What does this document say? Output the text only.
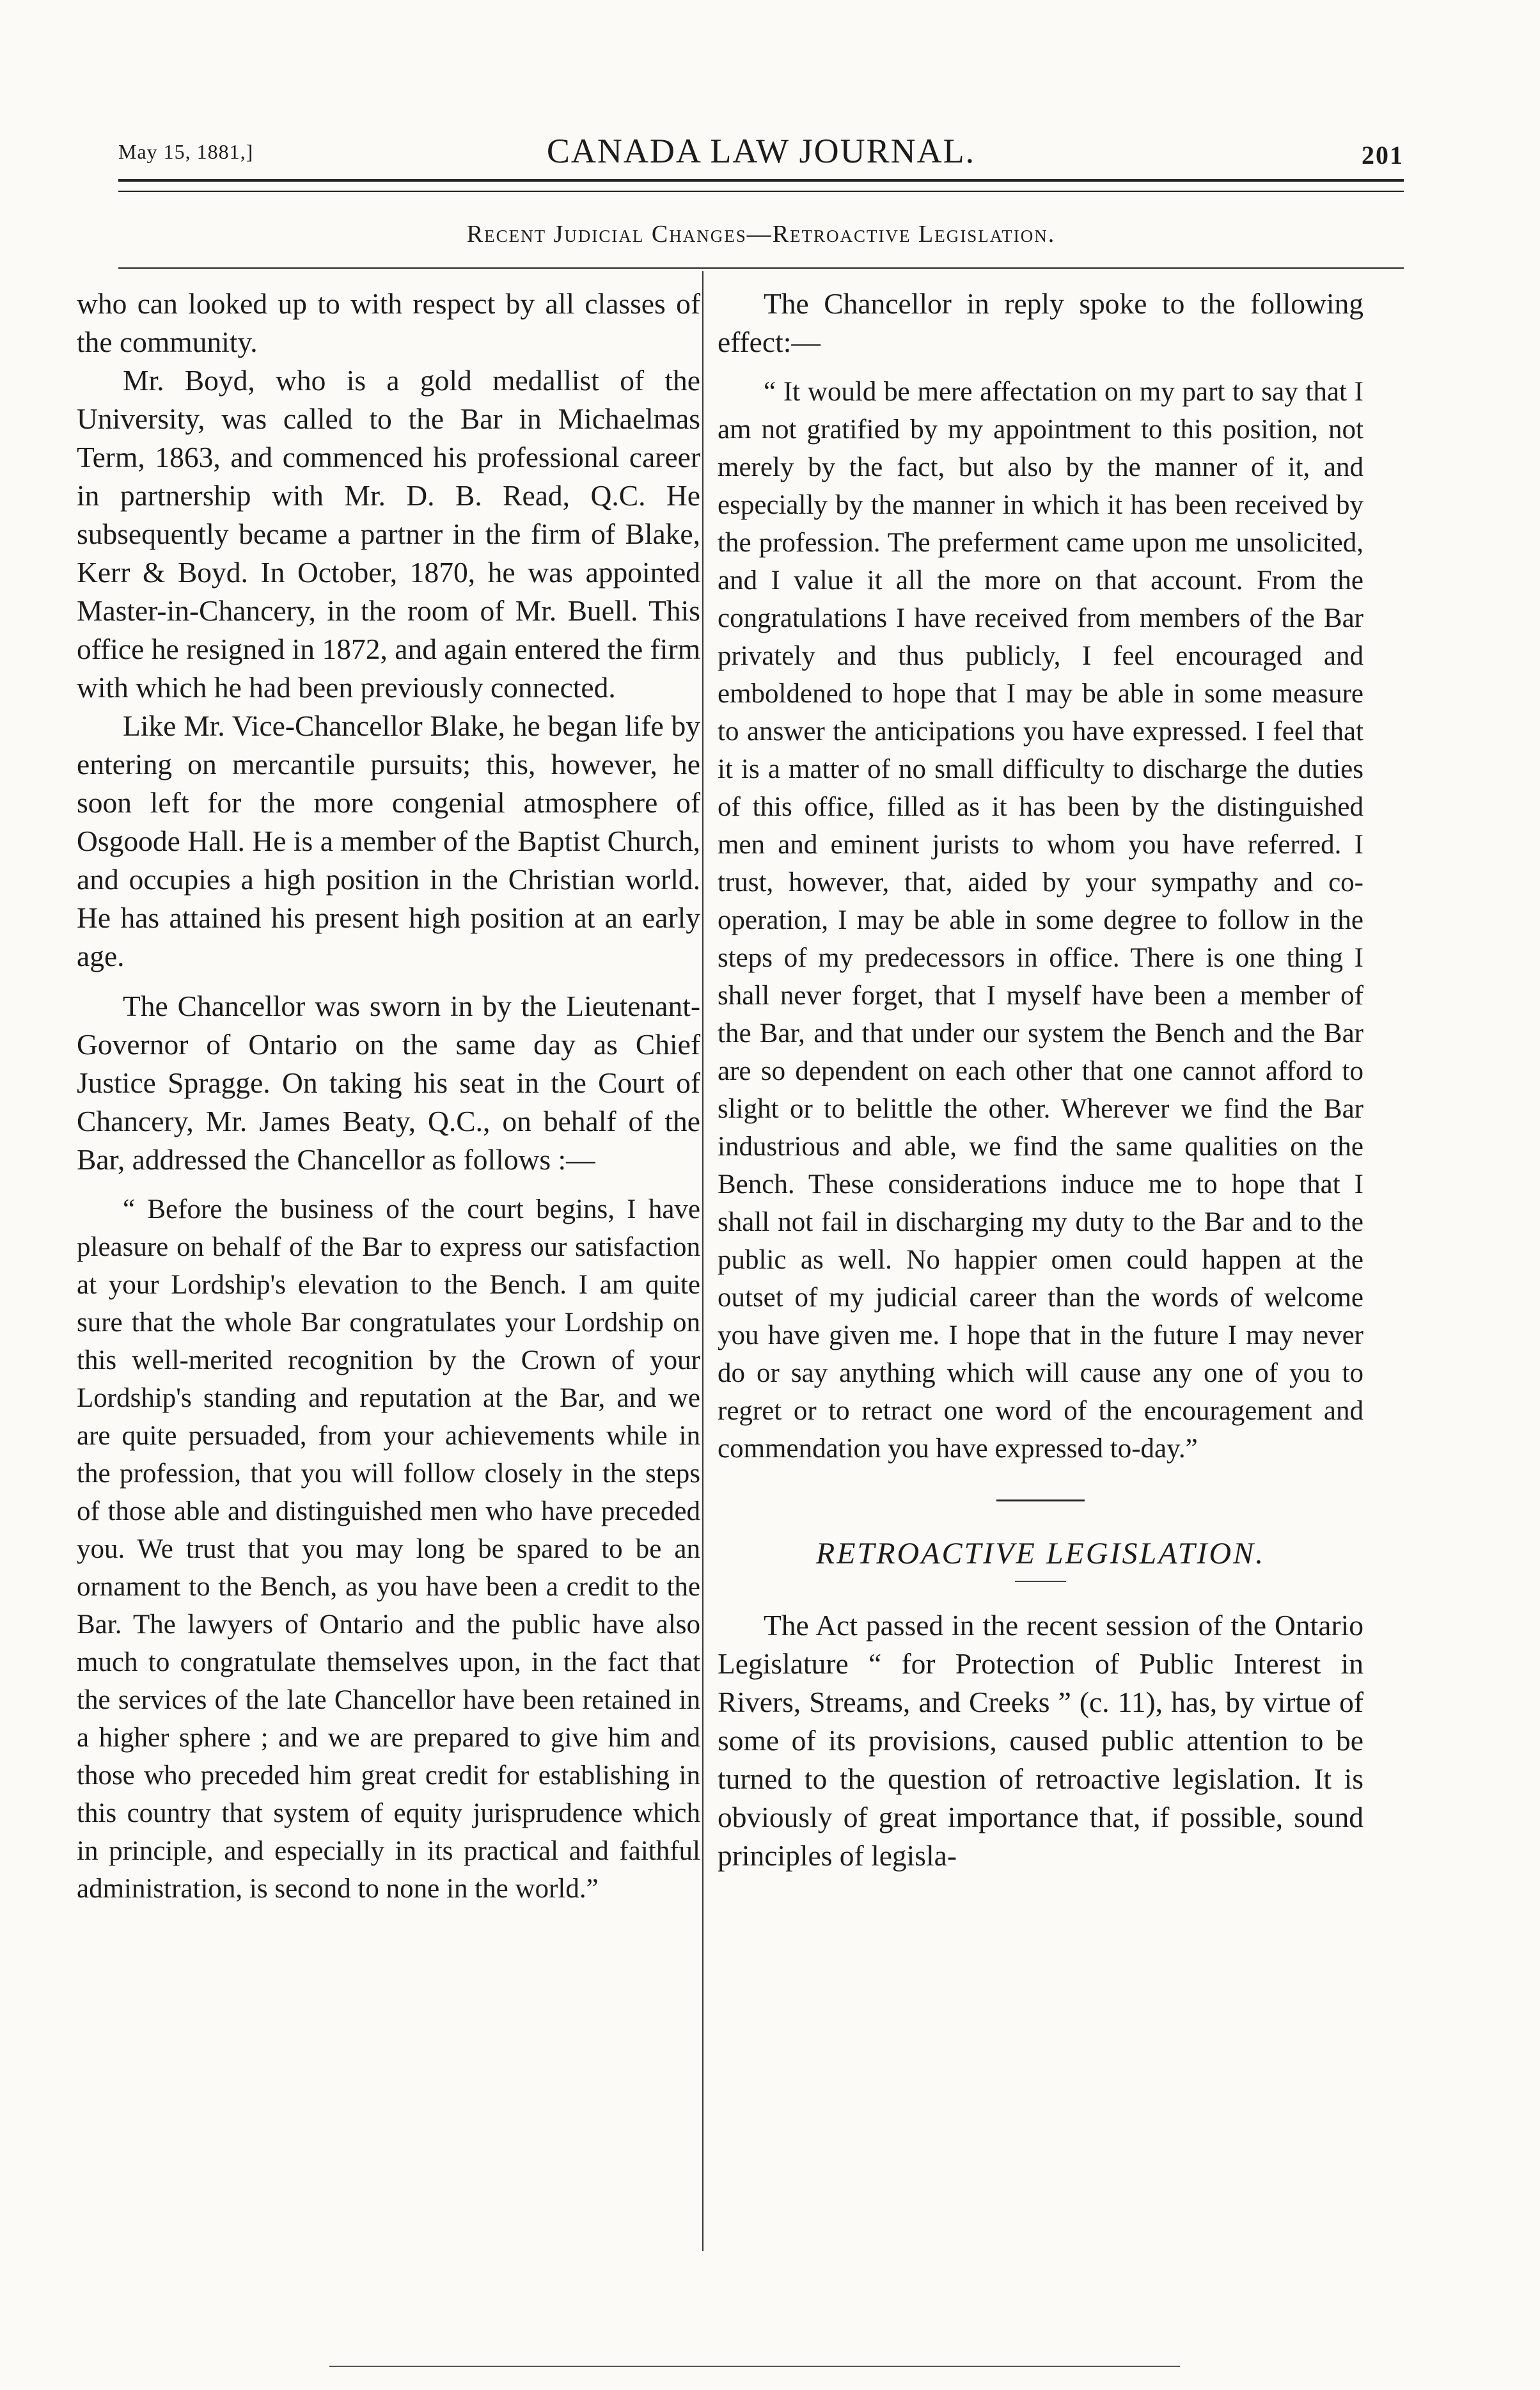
May 15, 1881,]	CANADA LAW JOURNAL.	201
Recent Judicial Changes—Retroactive Legislation.

who can looked up to with respect by all classes of the community.

Mr. Boyd, who is a gold medallist of the University, was called to the Bar in Michaelmas Term, 1863, and commenced his professional career in partnership with Mr. D. B. Read, Q.C. He subsequently became a partner in the firm of Blake, Kerr & Boyd. In October, 1870, he was appointed Master-in-Chancery, in the room of Mr. Buell. This office he resigned in 1872, and again entered the firm with which he had been previously connected.

Like Mr. Vice-Chancellor Blake, he began life by entering on mercantile pursuits; this, however, he soon left for the more congenial atmosphere of Osgoode Hall. He is a member of the Baptist Church, and occupies a high position in the Christian world. He has attained his present high position at an early age.

The Chancellor was sworn in by the Lieutenant-Governor of Ontario on the same day as Chief Justice Spragge. On taking his seat in the Court of Chancery, Mr. James Beaty, Q.C., on behalf of the Bar, addressed the Chancellor as follows :—

“ Before the business of the court begins, I have pleasure on behalf of the Bar to express our satisfaction at your Lordship's elevation to the Bench. I am quite sure that the whole Bar congratulates your Lordship on this well-merited recognition by the Crown of your Lordship's standing and reputation at the Bar, and we are quite persuaded, from your achievements while in the profession, that you will follow closely in the steps of those able and distinguished men who have preceded you. We trust that you may long be spared to be an ornament to the Bench, as you have been a credit to the Bar. The lawyers of Ontario and the public have also much to congratulate themselves upon, in the fact that the services of the late Chancellor have been retained in a higher sphere ; and we are prepared to give him and those who preceded him great credit for establishing in this country that system of equity jurisprudence which in principle, and especially in its practical and faithful administration, is second to none in the world.”

The Chancellor in reply spoke to the following effect:—

“ It would be mere affectation on my part to say that I am not gratified by my appointment to this position, not merely by the fact, but also by the manner of it, and especially by the manner in which it has been received by the profession. The preferment came upon me unsolicited, and I value it all the more on that account. From the congratulations I have received from members of the Bar privately and thus publicly, I feel encouraged and emboldened to hope that I may be able in some measure to answer the anticipations you have expressed. I feel that it is a matter of no small difficulty to discharge the duties of this office, filled as it has been by the distinguished men and eminent jurists to whom you have referred. I trust, however, that, aided by your sympathy and co-operation, I may be able in some degree to follow in the steps of my predecessors in office. There is one thing I shall never forget, that I myself have been a member of the Bar, and that under our system the Bench and the Bar are so dependent on each other that one cannot afford to slight or to belittle the other. Wherever we find the Bar industrious and able, we find the same qualities on the Bench. These considerations induce me to hope that I shall not fail in discharging my duty to the Bar and to the public as well. No happier omen could happen at the outset of my judicial career than the words of welcome you have given me. I hope that in the future I may never do or say anything which will cause any one of you to regret or to retract one word of the encouragement and commendation you have expressed to-day.”

RETROACTIVE LEGISLATION.

The Act passed in the recent session of the Ontario Legislature “ for Protection of Public Interest in Rivers, Streams, and Creeks ” (c. 11), has, by virtue of some of its provisions, caused public attention to be turned to the question of retroactive legislation. It is obviously of great importance that, if possible, sound principles of legisla-
